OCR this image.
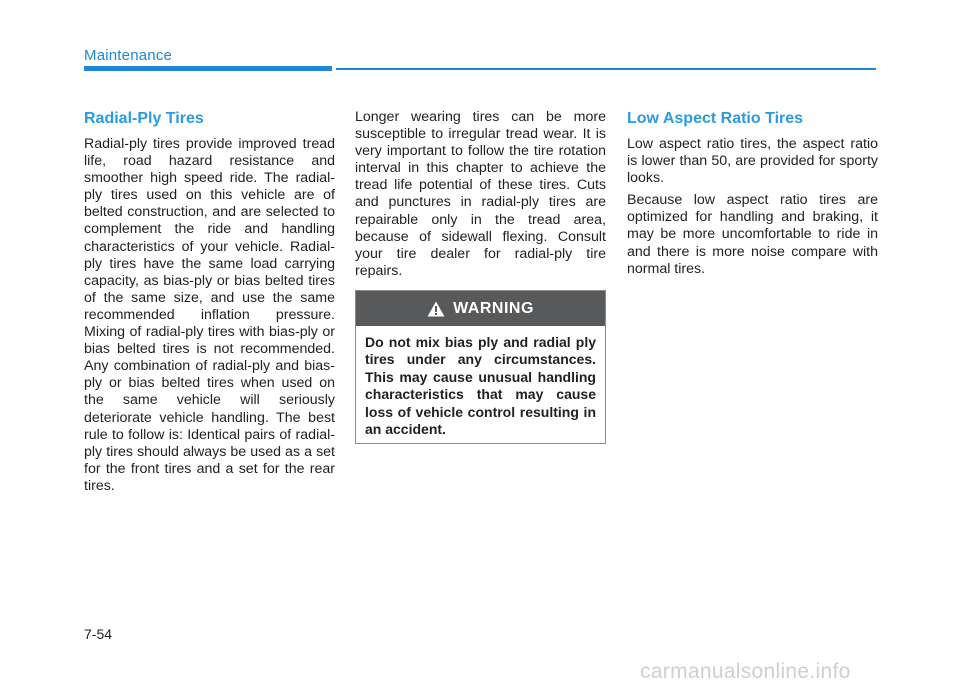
Maintenance
Radial-Ply Tires

Radial-ply tires provide improved tread life, road hazard resistance and smoother high speed ride. The radial-ply tires used on this vehicle are of belted construction, and are selected to complement the ride and handling characteristics of your vehicle. Radial-ply tires have the same load carrying capacity, as bias-ply or bias belted tires of the same size, and use the same recommended inflation pressure. Mixing of radial-ply tires with bias-ply or bias belted tires is not recommended. Any combination of radial-ply and bias-ply or bias belted tires when used on the same vehicle will seriously deteriorate vehicle handling. The best rule to follow is: Identical pairs of radial-ply tires should always be used as a set for the front tires and a set for the rear tires.

Longer wearing tires can be more susceptible to irregular tread wear. It is very important to follow the tire rotation interval in this chapter to achieve the tread life potential of these tires. Cuts and punctures in radial-ply tires are repairable only in the tread area, because of sidewall flexing. Consult your tire dealer for radial-ply tire repairs.

WARNING
Do not mix bias ply and radial ply tires under any circumstances. This may cause unusual handling characteristics that may cause loss of vehicle control resulting in an accident.
Low Aspect Ratio Tires

Low aspect ratio tires, the aspect ratio is lower than 50, are provided for sporty looks.

Because low aspect ratio tires are optimized for handling and braking, it may be more uncomfortable to ride in and there is more noise compare with normal tires.

7-54
carmanualsonline.info
